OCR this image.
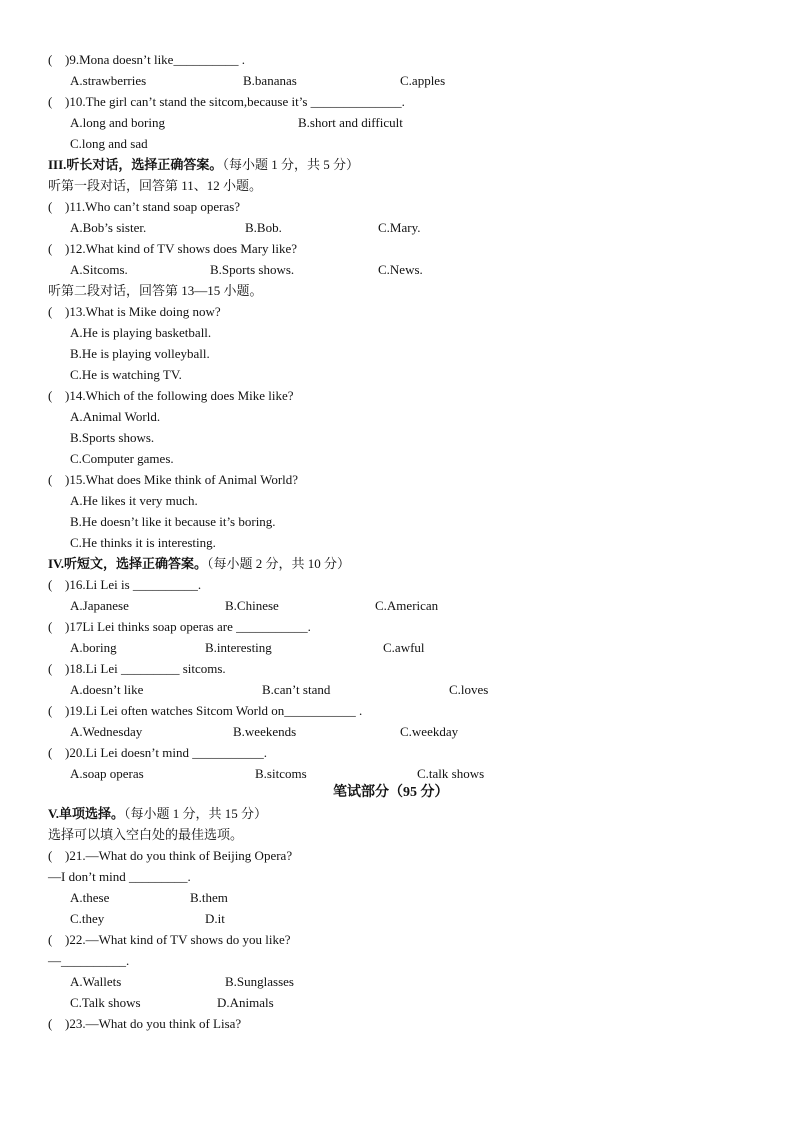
( )9.Mona doesn’t like__________ .
A.strawberries	B.bananas	C.apples
( )10.The girl can’t stand the sitcom,because it’s ______________.
A.long and boring	B.short and difficult
C.long and sad
III.听长对话，选择正确答案。（每小题 1 分，共 5 分）
听第一段对话，回答第 11、12 小题。
( )11.Who can’t stand soap operas?
A.Bob’s sister.	B.Bob.	C.Mary.
( )12.What kind of TV shows does Mary like?
A.Sitcoms.	B.Sports shows.	C.News.
听第二段对话，回答第 13—15 小题。
( )13.What is Mike doing now?
A.He is playing basketball.
B.He is playing volleyball.
C.He is watching TV.
( )14.Which of the following does Mike like?
A.Animal World.
B.Sports shows.
C.Computer games.
( )15.What does Mike think of Animal World?
A.He likes it very much.
B.He doesn’t like it because it’s boring.
C.He thinks it is interesting.
IV.听短文，选择正确答案。（每小题 2 分，共 10 分）
( )16.Li Lei is __________.
A.Japanese	B.Chinese	C.American
( )17Li Lei thinks soap operas are ___________.
A.boring	B.interesting	C.awful
( )18.Li Lei _________ sitcoms.
A.doesn’t like	B.can’t stand	C.loves
( )19.Li Lei often watches Sitcom World on___________ .
A.Wednesday	B.weekends	C.weekday
( )20.Li Lei doesn’t mind ___________.
A.soap operas	B.sitcoms	C.talk shows
笔试部分（95 分）
V.单项选择。（每小题 1 分，共 15 分）
选择可以填入空白处的最佳选项。
( )21.—What do you think of Beijing Opera?
—I don’t mind _________.
A.these	B.them
C.they	D.it
( )22.—What kind of TV shows do you like?
—__________.
A.Wallets	B.Sunglasses
C.Talk shows	D.Animals
( )23.—What do you think of Lisa?
